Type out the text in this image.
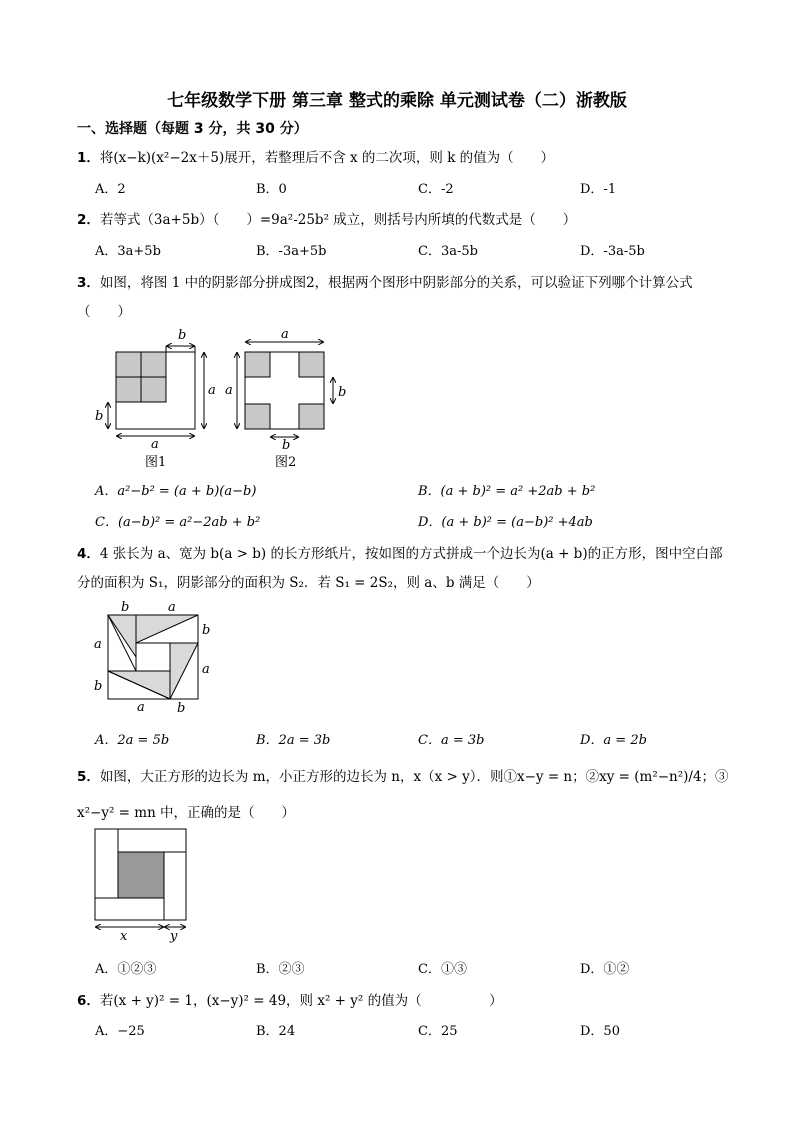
七年级数学下册 第三章 整式的乘除 单元测试卷（二）浙教版
一、选择题（每题 3 分，共 30 分）
1．将(x−k)(x²−2x＋5)展开，若整理后不含 x 的二次项，则 k 的值为（　　）
A．2	B．0	C．-2	D．-1
2．若等式（3a+5b）（　　）=9a²-25b² 成立，则括号内所填的代数式是（　　）
A．3a+5b	B．-3a+5b	C．3a-5b	D．-3a-5b
3．如图，将图 1 中的阴影部分拼成图2，根据两个图形中阴影部分的关系，可以验证下列哪个计算公式
（　　）
b
a
b
a
图1
a
a	b
b
图2
A．a²−b² = (a + b)(a−b)	B．(a + b)² = a² +2ab + b²
C．(a−b)² = a²−2ab + b²	D．(a + b)² = (a−b)² +4ab
4．4 张长为 a、宽为 b(a > b) 的长方形纸片，按如图的方式拼成一个边长为(a + b)的正方形，图中空白部
分的面积为 S₁，阴影部分的面积为 S₂．若 S₁ = 2S₂，则 a、b 满足（　　）
b	a
a
b
b
a
a b
A．2a = 5b	B．2a = 3b	C．a = 3b	D．a = 2b
5．如图，大正方形的边长为 m，小正方形的边长为 n，x（x > y）．则①x−y = n；②xy = (m²−n²)/4；③
x²−y² = mn 中，正确的是（　　）
x	y
A．①②③	B．②③	C．①③	D．①②
6．若(x + y)² = 1，(x−y)² = 49，则 x² + y² 的值为（　　　　　）
A．−25	B．24	C．25	D．50
